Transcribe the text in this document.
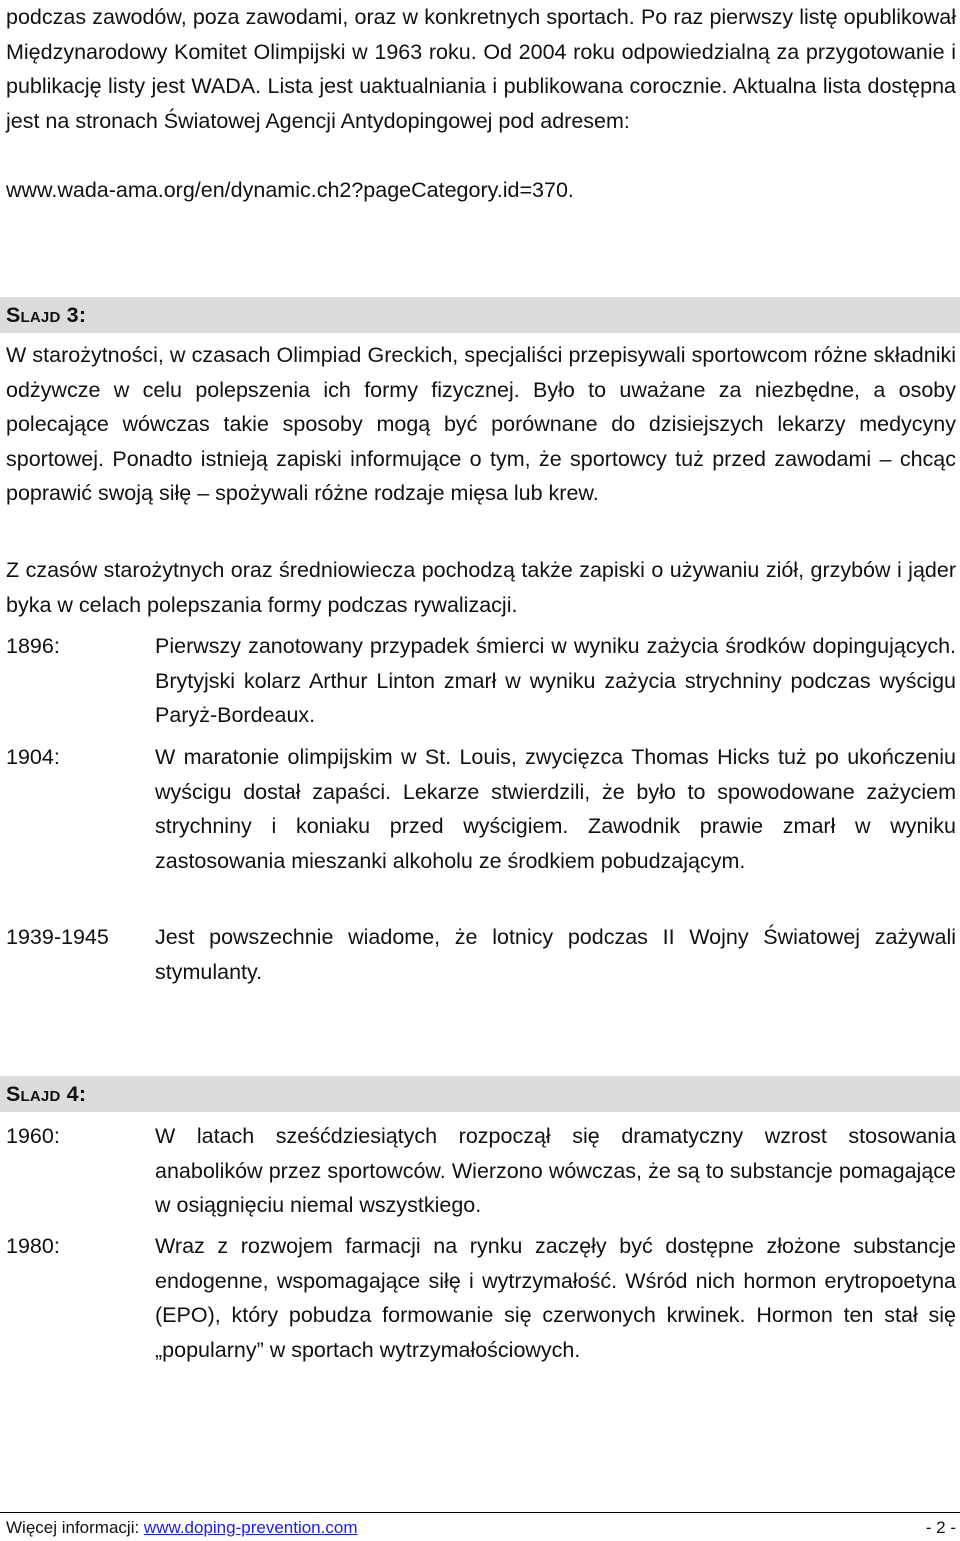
podczas zawodów, poza zawodami, oraz w konkretnych sportach. Po raz pierwszy listę opublikował Międzynarodowy Komitet Olimpijski w 1963 roku. Od 2004 roku odpowiedzialną za przygotowanie i publikację listy jest WADA. Lista jest uaktualniania i publikowana corocznie. Aktualna lista dostępna jest na stronach Światowej Agencji Antydopingowej pod adresem:

www.wada-ama.org/en/dynamic.ch2?pageCategory.id=370.

Slajd 3:

W starożytności, w czasach Olimpiad Greckich, specjaliści przepisywali sportowcom różne składniki odżywcze w celu polepszenia ich formy fizycznej. Było to uważane za niezbędne, a osoby polecające wówczas takie sposoby mogą być porównane do dzisiejszych lekarzy medycyny sportowej. Ponadto istnieją zapiski informujące o tym, że sportowcy tuż przed zawodami – chcąc poprawić swoją siłę – spożywali różne rodzaje mięsa lub krew.

Z czasów starożytnych oraz średniowiecza pochodzą także zapiski o używaniu ziół, grzybów i jąder byka w celach polepszania formy podczas rywalizacji.

1896:	Pierwszy zanotowany przypadek śmierci w wyniku zażycia środków dopingujących. Brytyjski kolarz Arthur Linton zmarł w wyniku zażycia strychniny podczas wyścigu Paryż-Bordeaux.
1904:	W maratonie olimpijskim w St. Louis, zwycięzca Thomas Hicks tuż po ukończeniu wyścigu dostał zapaści. Lekarze stwierdzili, że było to spowodowane zażyciem strychniny i koniaku przed wyścigiem. Zawodnik prawie zmarł w wyniku zastosowania mieszanki alkoholu ze środkiem pobudzającym.
1939-1945	Jest powszechnie wiadome, że lotnicy podczas II Wojny Światowej zażywali stymulanty.

Slajd 4:

1960:	W latach sześćdziesiątych rozpoczął się dramatyczny wzrost stosowania anabolików przez sportowców. Wierzono wówczas, że są to substancje pomagające w osiągnięciu niemal wszystkiego.
1980:	Wraz z rozwojem farmacji na rynku zaczęły być dostępne złożone substancje endogenne, wspomagające siłę i wytrzymałość. Wśród nich hormon erytropoetyna (EPO), który pobudza formowanie się czerwonych krwinek. Hormon ten stał się „popularny” w sportach wytrzymałościowych.
Więcej informacji: www.doping-prevention.com	- 2 -
